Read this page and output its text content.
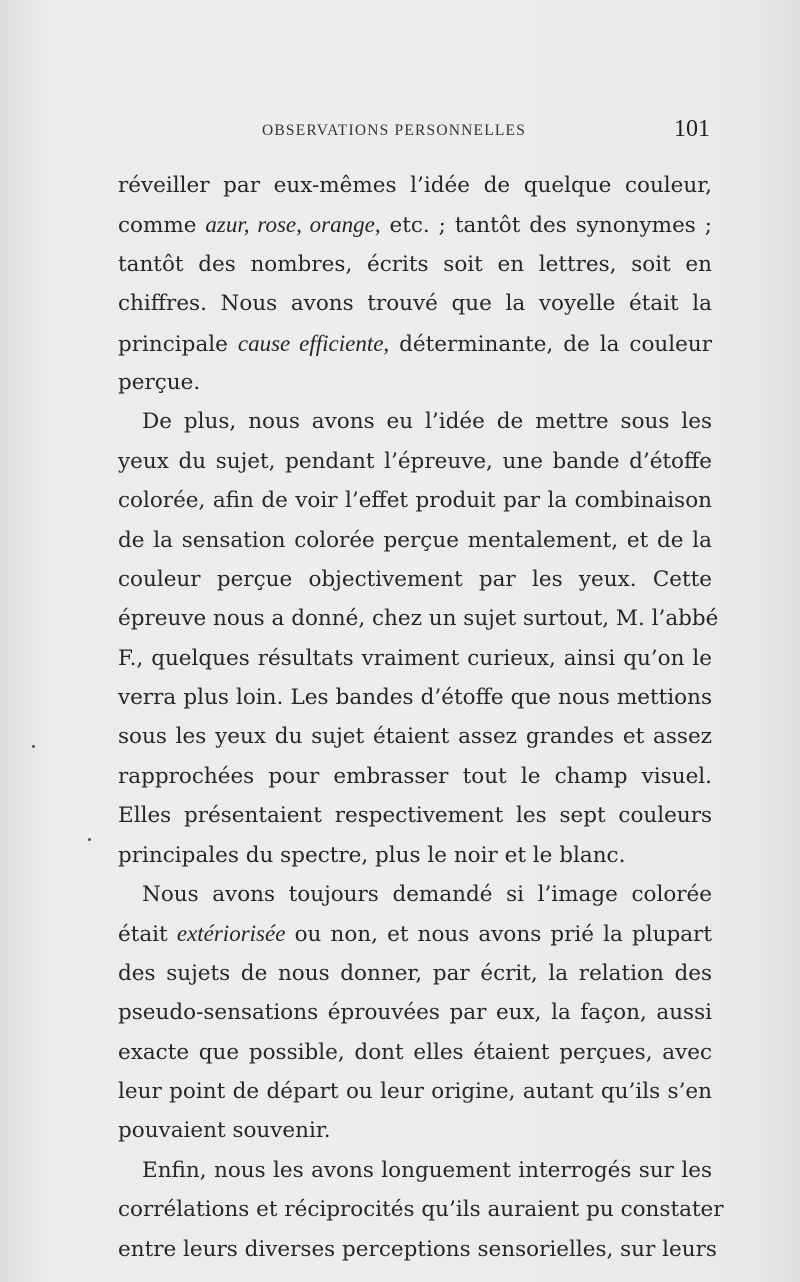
OBSERVATIONS PERSONNELLES	101
réveiller par eux-mêmes l’idée de quelque couleur,
comme azur, rose, orange, etc. ; tantôt des synonymes ;
tantôt des nombres, écrits soit en lettres, soit en
chiffres. Nous avons trouvé que la voyelle était la
principale cause efficiente, déterminante, de la couleur
perçue.
De plus, nous avons eu l’idée de mettre sous les
yeux du sujet, pendant l’épreuve, une bande d’étoffe
colorée, afin de voir l’effet produit par la combinaison
de la sensation colorée perçue mentalement, et de la
couleur perçue objectivement par les yeux. Cette
épreuve nous a donné, chez un sujet surtout, M. l’abbé
F., quelques résultats vraiment curieux, ainsi qu’on le
verra plus loin. Les bandes d’étoffe que nous mettions
sous les yeux du sujet étaient assez grandes et assez
rapprochées pour embrasser tout le champ visuel.
Elles présentaient respectivement les sept couleurs
principales du spectre, plus le noir et le blanc.
Nous avons toujours demandé si l’image colorée
était extériorisée ou non, et nous avons prié la plupart
des sujets de nous donner, par écrit, la relation des
pseudo-sensations éprouvées par eux, la façon, aussi
exacte que possible, dont elles étaient perçues, avec
leur point de départ ou leur origine, autant qu’ils s’en
pouvaient souvenir.
Enfin, nous les avons longuement interrogés sur les
corrélations et réciprocités qu’ils auraient pu constater
entre leurs diverses perceptions sensorielles, sur leurs
